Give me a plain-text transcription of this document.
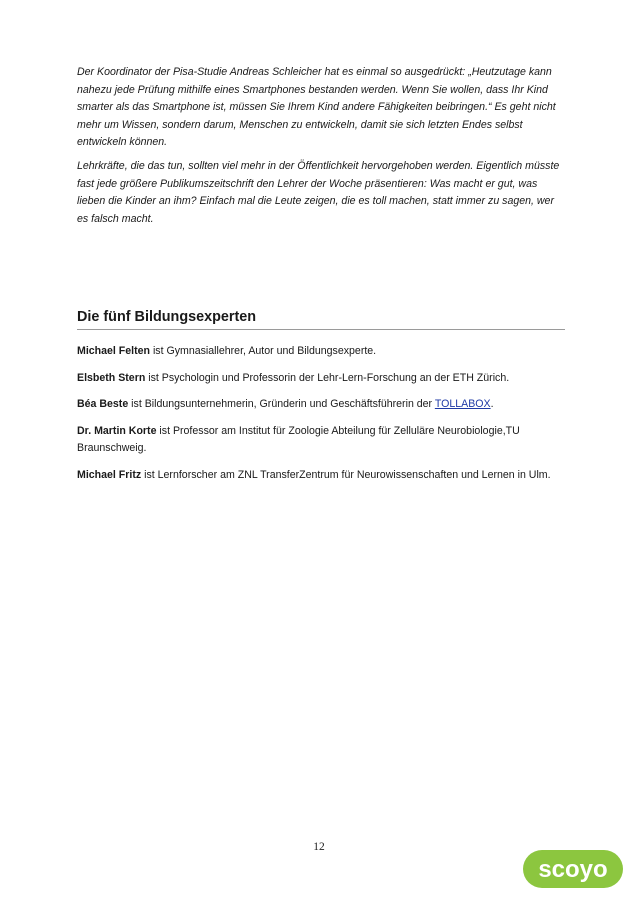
Der Koordinator der Pisa-Studie Andreas Schleicher hat es einmal so ausgedrückt: „Heutzutage kann nahezu jede Prüfung mithilfe eines Smartphones bestanden werden. Wenn Sie wollen, dass Ihr Kind smarter als das Smartphone ist, müssen Sie Ihrem Kind andere Fähigkeiten beibringen.“ Es geht nicht mehr um Wissen, sondern darum, Menschen zu entwickeln, damit sie sich letzten Endes selbst entwickeln können.

Lehrkräfte, die das tun, sollten viel mehr in der Öffentlichkeit hervorgehoben werden. Eigentlich müsste fast jede größere Publikumszeitschrift den Lehrer der Woche präsentieren: Was macht er gut, was lieben die Kinder an ihm? Einfach mal die Leute zeigen, die es toll machen, statt immer zu sagen, wer es falsch macht.

Die fünf Bildungsexperten

Michael Felten ist Gymnasiallehrer, Autor und Bildungsexperte.

Elsbeth Stern ist Psychologin und Professorin der Lehr-Lern-Forschung an der ETH Zürich.

Béa Beste ist Bildungsunternehmerin, Gründerin und Geschäftsführerin der TOLLABOX.

Dr. Martin Korte ist Professor am Institut für Zoologie Abteilung für Zelluläre Neurobiologie,TU Braunschweig.

Michael Fritz ist Lernforscher am ZNL TransferZentrum für Neurowissenschaften und Lernen in Ulm.

12
scoyo
